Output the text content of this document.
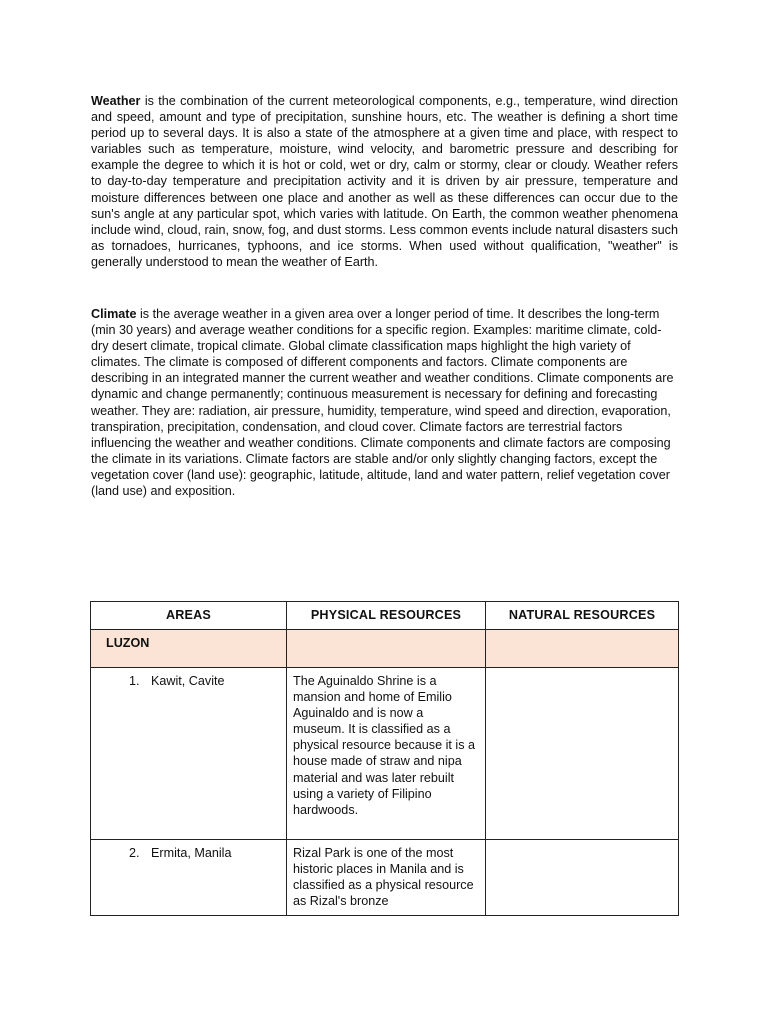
Weather is the combination of the current meteorological components, e.g., temperature, wind direction and speed, amount and type of precipitation, sunshine hours, etc. The weather is defining a short time period up to several days. It is also a state of the atmosphere at a given time and place, with respect to variables such as temperature, moisture, wind velocity, and barometric pressure and describing for example the degree to which it is hot or cold, wet or dry, calm or stormy, clear or cloudy. Weather refers to day-to-day temperature and precipitation activity and it is driven by air pressure, temperature and moisture differences between one place and another as well as these differences can occur due to the sun's angle at any particular spot, which varies with latitude. On Earth, the common weather phenomena include wind, cloud, rain, snow, fog, and dust storms. Less common events include natural disasters such as tornadoes, hurricanes, typhoons, and ice storms. When used without qualification, "weather" is generally understood to mean the weather of Earth.

Climate is the average weather in a given area over a longer period of time. It describes the long-term (min 30 years) and average weather conditions for a specific region. Examples: maritime climate, cold-dry desert climate, tropical climate. Global climate classification maps highlight the high variety of climates. The climate is composed of different components and factors. Climate components are describing in an integrated manner the current weather and weather conditions. Climate components are dynamic and change permanently; continuous measurement is necessary for defining and forecasting weather. They are: radiation, air pressure, humidity, temperature, wind speed and direction, evaporation, transpiration, precipitation, condensation, and cloud cover. Climate factors are terrestrial factors influencing the weather and weather conditions. Climate components and climate factors are composing the climate in its variations. Climate factors are stable and/or only slightly changing factors, except the vegetation cover (land use): geographic, latitude, altitude, land and water pattern, relief vegetation cover (land use) and exposition.

AREAS	PHYSICAL RESOURCES	NATURAL RESOURCES

LUZON		

1. Kawit, Cavite	The Aguinaldo Shrine is a mansion and home of Emilio Aguinaldo and is now a museum. It is classified as a physical resource because it is a house made of straw and nipa material and was later rebuilt using a variety of Filipino hardwoods.	
2. Ermita, Manila	Rizal Park is one of the most historic places in Manila and is classified as a physical resource as Rizal's bronze	
